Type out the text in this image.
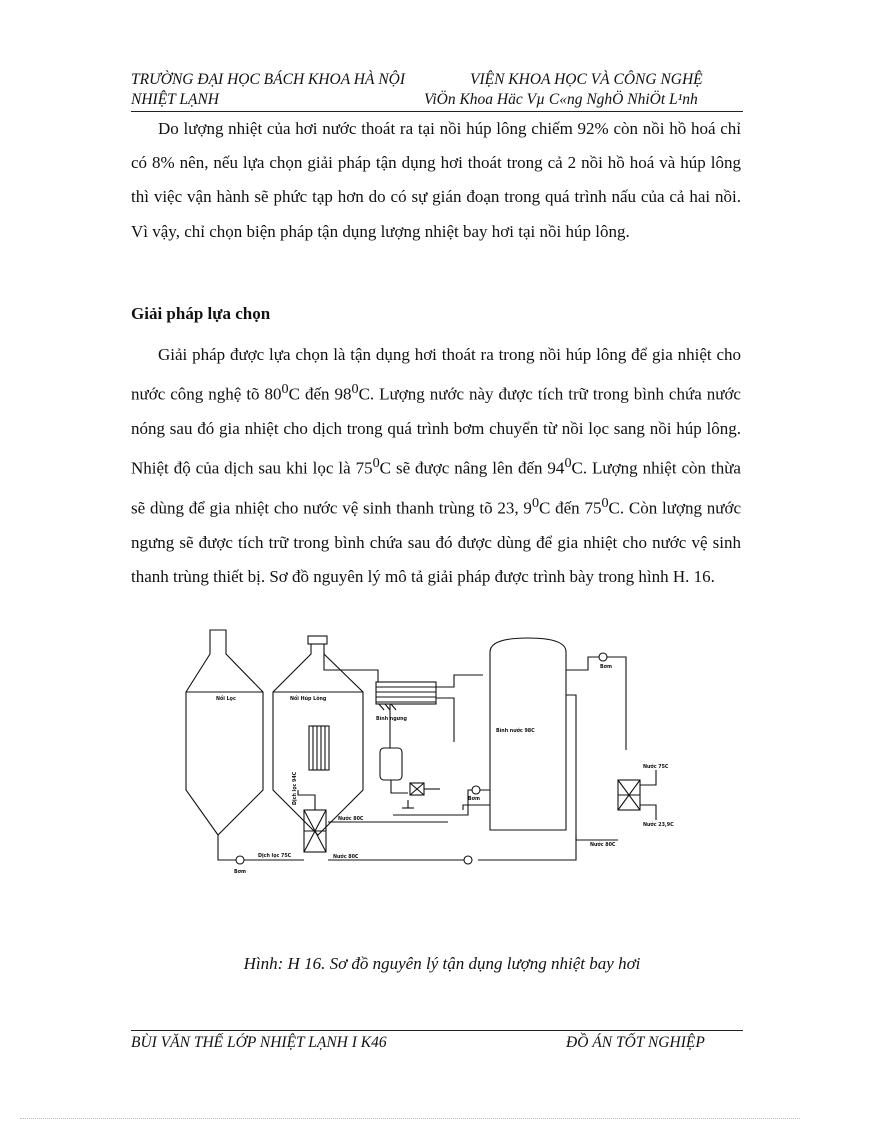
TRƯỜNG ĐẠI HỌC BÁCH KHOA HÀ NỘI	VIỆN KHOA HỌC VÀ CÔNG NGHỆ
NHIỆT LẠNH	ViÖn Khoa Häc Vµ C«ng NghÖ NhiÖt L¹nh

Do lượng nhiệt của hơi nước thoát ra tại nồi húp lông chiếm 92% còn nồi hồ hoá chỉ có 8% nên, nếu lựa chọn giải pháp tận dụng hơi thoát trong cả 2 nồi hồ hoá và húp lông thì việc vận hành sẽ phức tạp hơn do có sự gián đoạn trong quá trình nấu của cả hai nồi. Vì vậy, chỉ chọn biện pháp tận dụng lượng nhiệt bay hơi tại nồi húp lông.

Giải pháp lựa chọn

Giải pháp được lựa chọn là tận dụng hơi thoát ra trong nồi húp lông để gia nhiệt cho nước công nghệ tõ $80^0C$ đến $98^0C$. Lượng nước này được tích trữ trong bình chứa nước nóng sau đó gia nhiệt cho dịch trong quá trình bơm chuyển từ nồi lọc sang nồi húp lông. Nhiệt độ của dịch sau khi lọc là $75^0C$ sẽ được nâng lên đến $94^0C$. Lượng nhiệt còn thừa sẽ dùng để gia nhiệt cho nước vệ sinh thanh trùng tõ 23, $9^0C$ đến $75^0C$. Còn lượng nước ngưng sẽ được tích trữ trong bình chứa sau đó được dùng để gia nhiệt cho nước vệ sinh thanh trùng thiết bị. Sơ đồ nguyên lý mô tả giải pháp được trình bày trong hình H. 16.

Nồi Lọc	Nồi Húp Lông
Bình nước 98C
Bình ngưng
Dịch lọc 94C
Dịch lọc 75C
Nước 80C
Nước 80C
Nước 75C
Nước 23,9C
Nước 80C
Bơm
Bơm
Bơm
Hình: H 16. Sơ đồ nguyên lý tận dụng lượng nhiệt bay hơi
BÙI VĂN THẾ LỚP NHIỆT LẠNH I K46	ĐỒ ÁN TỐT NGHIỆP
